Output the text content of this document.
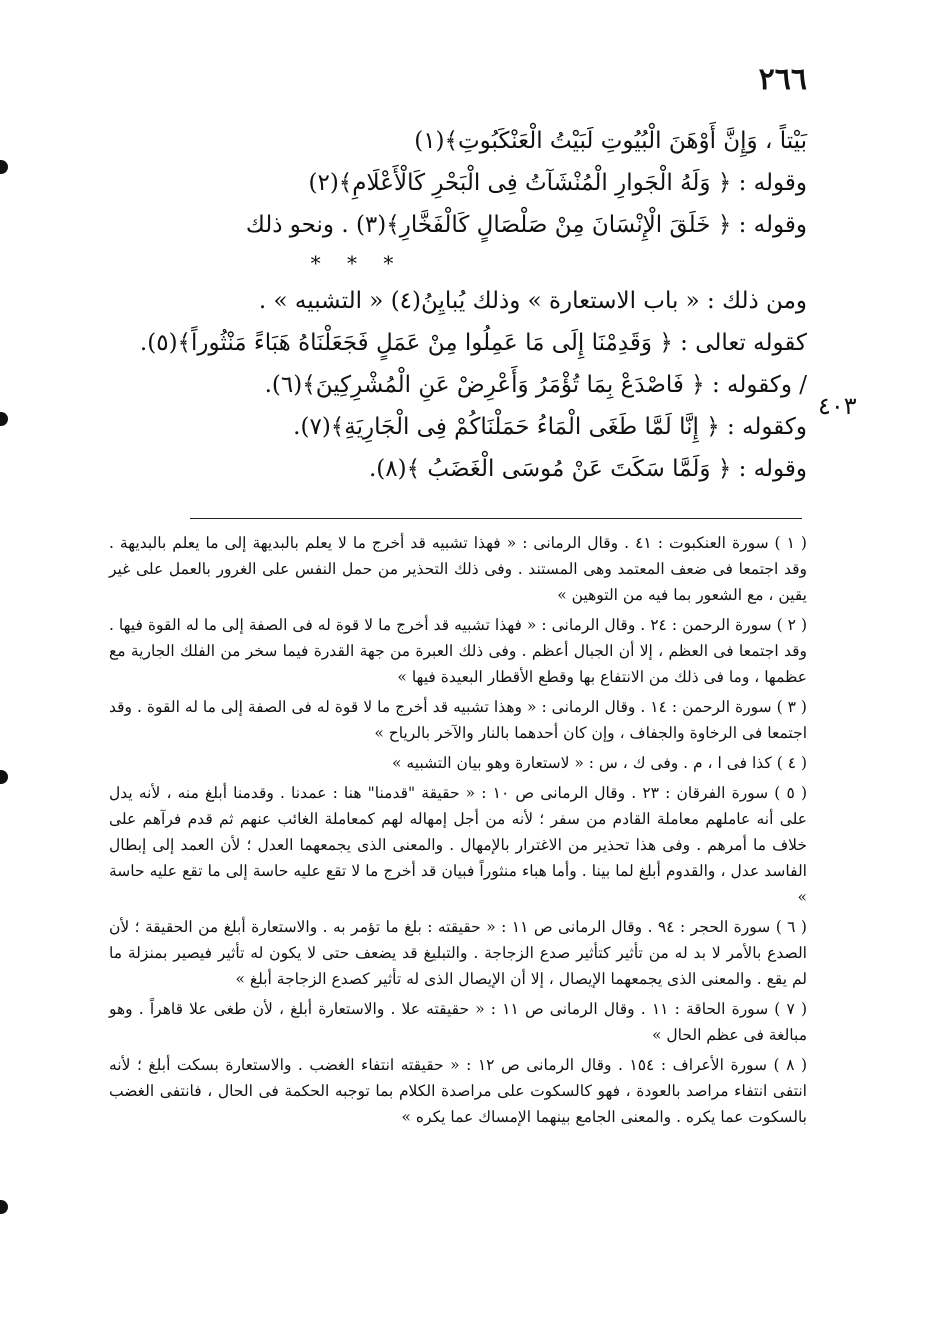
٢٦٦
٤٠٣
بَيْتاً ، وَإِنَّ أَوْهَنَ الْبُيُوتِ لَبَيْتُ الْعَنْكَبُوتِ﴾(١)
وقوله : ﴿ وَلَهُ الْجَوارِ الْمُنْشَآتُ فِى الْبَحْرِ كَالْأَعْلَامِ﴾(٢)
وقوله : ﴿ خَلَقَ الْإِنْسَانَ مِنْ صَلْصَالٍ كَالْفَخَّارِ﴾(٣) . ونحو ذلك
* * *
ومن ذلك : « باب الاستعارة » وذلك يُبايِنُ(٤) « التشبيه » .
كقوله تعالى : ﴿ وَقَدِمْنَا إِلَى مَا عَمِلُوا مِنْ عَمَلٍ فَجَعَلْنَاهُ هَبَاءً مَنْثُوراً﴾(٥).
/ وكقوله : ﴿ فَاصْدَعْ بِمَا تُؤْمَرُ وَأَعْرِضْ عَنِ الْمُشْرِكِينَ﴾(٦).
وكقوله : ﴿ إِنَّا لَمَّا طَغَى الْمَاءُ حَمَلْنَاكُمْ فِى الْجَارِيَةِ﴾(٧).
وقوله : ﴿ وَلَمَّا سَكَتَ عَنْ مُوسَى الْغَضَبُ ﴾(٨).
( ١ ) سورة العنكبوت : ٤١ . وقال الرمانى : « فهذا تشبيه قد أخرج ما لا يعلم بالبديهة إلى ما يعلم بالبديهة . وقد اجتمعا فى ضعف المعتمد وهى المستند . وفى ذلك التحذير من حمل النفس على الغرور بالعمل على غير يقين ، مع الشعور بما فيه من التوهين »
( ٢ ) سورة الرحمن : ٢٤ . وقال الرمانى : « فهذا تشبيه قد أخرج ما لا قوة له فى الصفة إلى ما له القوة فيها . وقد اجتمعا فى العظم ، إلا أن الجبال أعظم . وفى ذلك العبرة من جهة القدرة فيما سخر من الفلك الجارية مع عظمها ، وما فى ذلك من الانتفاع بها وقطع الأقطار البعيدة فيها »
( ٣ ) سورة الرحمن : ١٤ . وقال الرمانى : « وهذا تشبيه قد أخرج ما لا قوة له فى الصفة إلى ما له القوة . وقد اجتمعا فى الرخاوة والجفاف ، وإن كان أحدهما بالنار والآخر بالرياح »
( ٤ ) كذا فى ا ، م . وفى ك ، س : « لاستعارة وهو بيان التشبيه »
( ٥ ) سورة الفرقان : ٢٣ . وقال الرمانى ص ١٠ : « حقيقة "قدمنا" هنا : عمدنا . وقدمنا أبلغ منه ، لأنه يدل على أنه عاملهم معاملة القادم من سفر ؛ لأنه من أجل إمهاله لهم كمعاملة الغائب عنهم ثم قدم فرآهم على خلاف ما أمرهم . وفى هذا تحذير من الاغترار بالإمهال . والمعنى الذى يجمعهما العدل ؛ لأن العمد إلى إبطال الفاسد عدل ، والقدوم أبلغ لما بينا . وأما هباء منثوراً فبيان قد أخرج ما لا تقع عليه حاسة إلى ما تقع عليه حاسة »
( ٦ ) سورة الحجر : ٩٤ . وقال الرمانى ص ١١ : « حقيقته : بلغ ما تؤمر به . والاستعارة أبلغ من الحقيقة ؛ لأن الصدع بالأمر لا بد له من تأثير كتأثير صدع الزجاجة . والتبليغ قد يضعف حتى لا يكون له تأثير فيصير بمنزلة ما لم يقع . والمعنى الذى يجمعهما الإيصال ، إلا أن الإيصال الذى له تأثير كصدع الزجاجة أبلغ »
( ٧ ) سورة الحاقة : ١١ . وقال الرمانى ص ١١ : « حقيقته علا . والاستعارة أبلغ ، لأن طغى علا قاهراً . وهو مبالغة فى عظم الحال »
( ٨ ) سورة الأعراف : ١٥٤ . وقال الرمانى ص ١٢ : « حقيقته انتفاء الغضب . والاستعارة بسكت أبلغ ؛ لأنه انتفى انتفاء مراصد بالعودة ، فهو كالسكوت على مراصدة الكلام بما توجبه الحكمة فى الحال ، فانتفى الغضب بالسكوت عما يكره . والمعنى الجامع بينهما الإمساك عما يكره »
